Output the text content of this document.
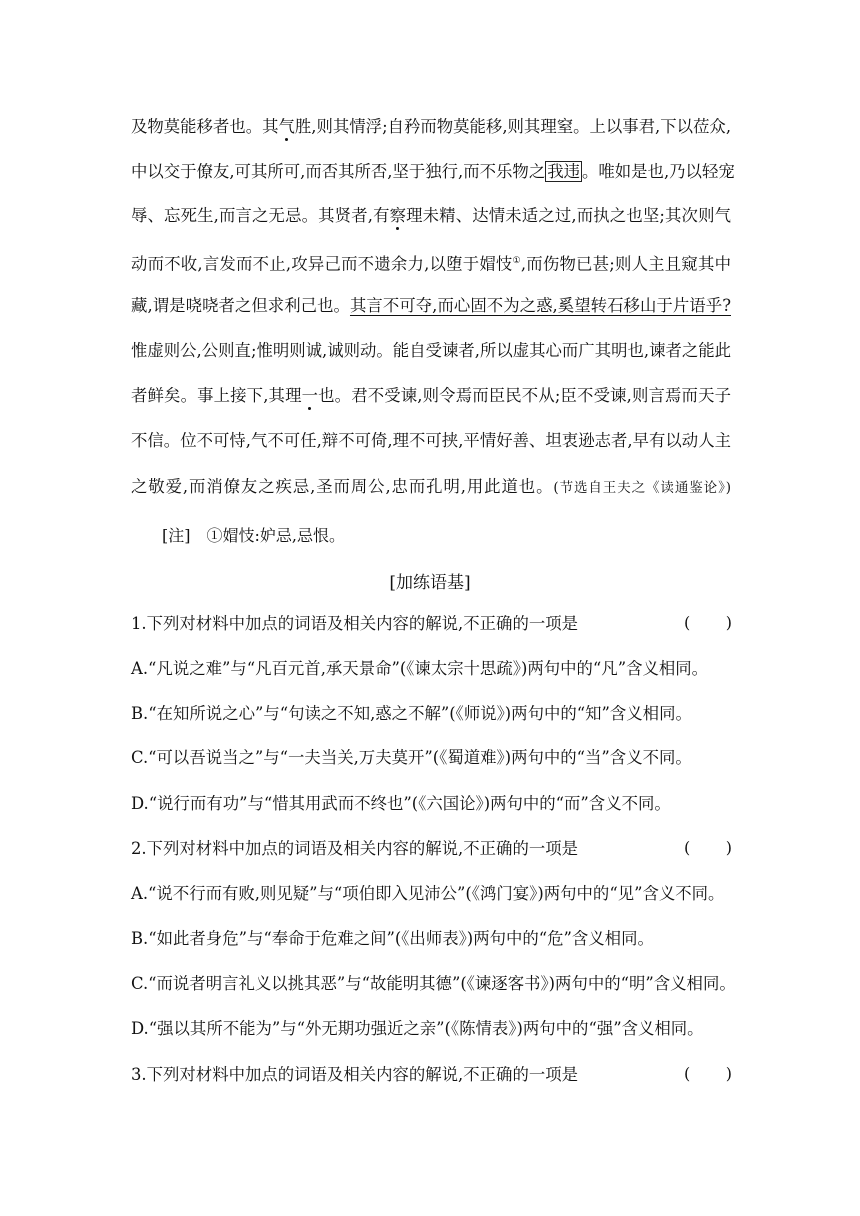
及物莫能移者也。其气胜,则其情浮;自矜而物莫能移,则其理窒。上以事君,下以莅众,
中以交于僚友,可其所可,而否其所否,坚于独行,而不乐物之 我违 。唯如是也,乃以轻宠
辱、忘死生,而言之无忌。其贤者,有察理未精、达情未适之过,而执之也坚;其次则气
动而不收,言发而不止,攻异己而不遗余力,以堕于媢忮①,而伤物已甚;则人主且窥其中
藏,谓是哓哓者之但求利己也。其言不可夺,而心固不为之惑,奚望转石移山于片语乎?
惟虚则公,公则直;惟明则诚,诚则动。能自受谏者,所以虚其心而广其明也,谏者之能此
者鲜矣。事上接下,其理一也。君不受谏,则令焉而臣民不从;臣不受谏,则言焉而天子
不信。位不可恃,气不可任,辩不可倚,理不可挟,平情好善、坦衷逊志者,早有以动人主
之敬爱,而消僚友之疾忌,圣而周公,忠而孔明,用此道也。(节选自王夫之《读通鉴论》)
[注]　①媢忮:妒忌,忌恨。
[加练语基]
1.下列对材料中加点的词语及相关内容的解说,不正确的一项是
( )
A.“凡说之难”与“凡百元首,承天景命”(《谏太宗十思疏》)两句中的“凡”含义相同。
B.“在知所说之心”与“句读之不知,惑之不解”(《师说》)两句中的“知”含义相同。
C.“可以吾说当之”与“一夫当关,万夫莫开”(《蜀道难》)两句中的“当”含义不同。
D.“说行而有功”与“惜其用武而不终也”(《六国论》)两句中的“而”含义不同。
2.下列对材料中加点的词语及相关内容的解说,不正确的一项是
( )
A.“说不行而有败,则见疑”与“项伯即入见沛公”(《鸿门宴》)两句中的“见”含义不同。
B.“如此者身危”与“奉命于危难之间”(《出师表》)两句中的“危”含义相同。
C.“而说者明言礼义以挑其恶”与“故能明其德”(《谏逐客书》)两句中的“明”含义相同。
D.“强以其所不能为”与“外无期功强近之亲”(《陈情表》)两句中的“强”含义相同。
3.下列对材料中加点的词语及相关内容的解说,不正确的一项是
( )
